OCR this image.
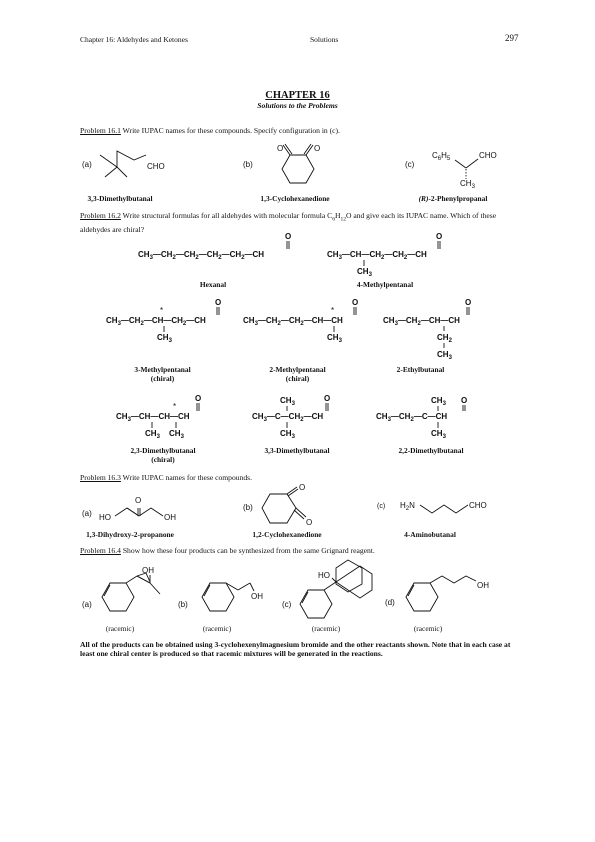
Chapter 16: Aldehydes and Ketones	Solutions	297
CHAPTER 16
Solutions to the Problems
Problem 16.1 Write IUPAC names for these compounds. Specify configuration in (c).
(a)	(b)	(c)
CHO
O	O
$C_6H_5$	CHO
$CH_3$
3,3-Dimethylbutanal	1,3-Cyclohexanedione	(R)-2-Phenylpropanal
Problem 16.2 Write structural formulas for all aldehydes with molecular formula $C_6H_{12}O$ and give each its IUPAC name. Which of these aldehydes are chiral?
$CH_3—CH_2—CH_2—CH_2—CH_2—CH$
O
$CH_3—CH—CH_2—CH_2—CH$
O
$CH_3$
$CH_3—CH_2—CH—CH_2—CH$
O
*
$CH_3$
$CH_3—CH_2—CH_2—CH—CH$
O
*
$CH_3$
$CH_3—CH_2—CH—CH$
O
$CH_2$
$CH_3$
$CH_3—CH—CH—CH$
O
*
$CH_3$ $CH_3$
$CH_3—C—CH_2—CH$
O
$CH_3$
$CH_3$
$CH_3—CH_2—C—CH$
O
$CH_3$
$CH_3$
Hexanal	4-Methylpentanal
3-Methylpentanal
(chiral)
2-Methylpentanal
(chiral)
2-Ethylbutanal
2,3-Dimethylbutanal
(chiral)
3,3-Dimethylbutanal	2,2-Dimethylbutanal
Problem 16.3 Write IUPAC names for these compounds.
(a)
(b)	(c)
HO
O
OH
O
O
$H_2N$	CHO
1,3-Dihydroxy-2-propanone	1,2-Cyclohexanedione	4-Aminobutanal
Problem 16.4 Show how these four products can be synthesized from the same Grignard reagent.
(a)	(b)	(c)	(d)
OH
OH
HO
OH
(racemic)	(racemic)	(racemic)	(racemic)
All of the products can be obtained using 3-cyclohexenylmagnesium bromide and the other reactants shown. Note that in each case at least one chiral center is produced so that racemic mixtures will be generated in the reactions.
